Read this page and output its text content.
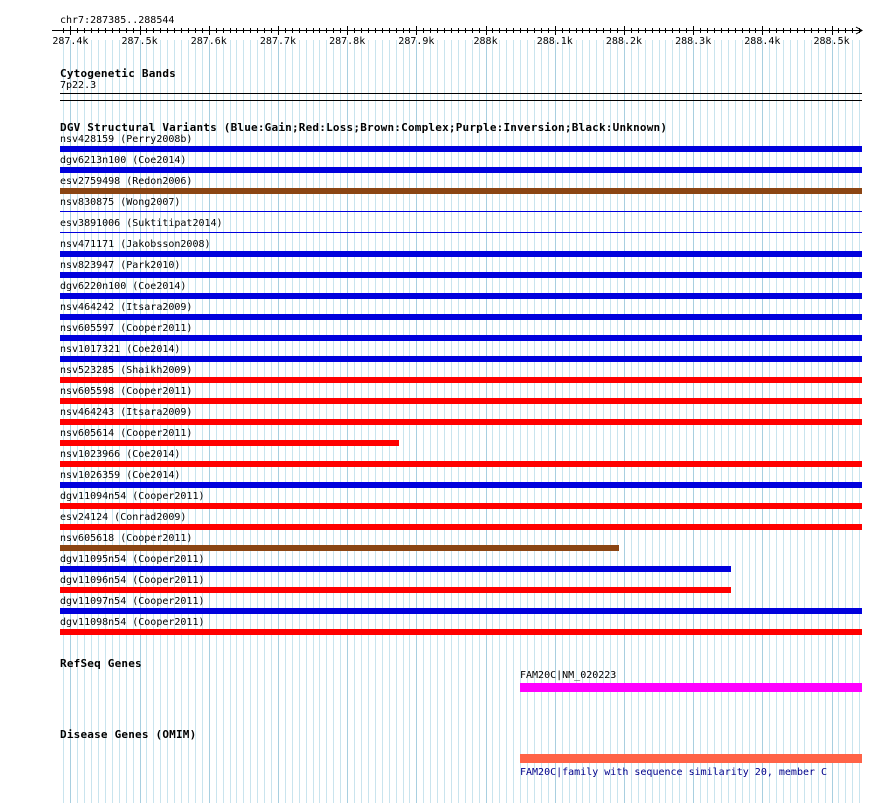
chr7:287385..288544
287.4k	287.5k	287.6k	287.7k	287.8k	287.9k	288k	288.1k	288.2k	288.3k	288.4k	288.5k
Cytogenetic Bands
7p22.3
DGV Structural Variants (Blue:Gain;Red:Loss;Brown:Complex;Purple:Inversion;Black:Unknown)
nsv428159 (Perry2008b)
dgv6213n100 (Coe2014)
esv2759498 (Redon2006)
nsv830875 (Wong2007)
esv3891006 (Suktitipat2014)
nsv471171 (Jakobsson2008)
nsv823947 (Park2010)
dgv6220n100 (Coe2014)
nsv464242 (Itsara2009)
nsv605597 (Cooper2011)
nsv1017321 (Coe2014)
nsv523285 (Shaikh2009)
nsv605598 (Cooper2011)
nsv464243 (Itsara2009)
nsv605614 (Cooper2011)
nsv1023966 (Coe2014)
nsv1026359 (Coe2014)
dgv11094n54 (Cooper2011)
esv24124 (Conrad2009)
nsv605618 (Cooper2011)
dgv11095n54 (Cooper2011)
dgv11096n54 (Cooper2011)
dgv11097n54 (Cooper2011)
dgv11098n54 (Cooper2011)
RefSeq Genes
FAM20C|NM_020223
Disease Genes (OMIM)
FAM20C|family with sequence similarity 20, member C
